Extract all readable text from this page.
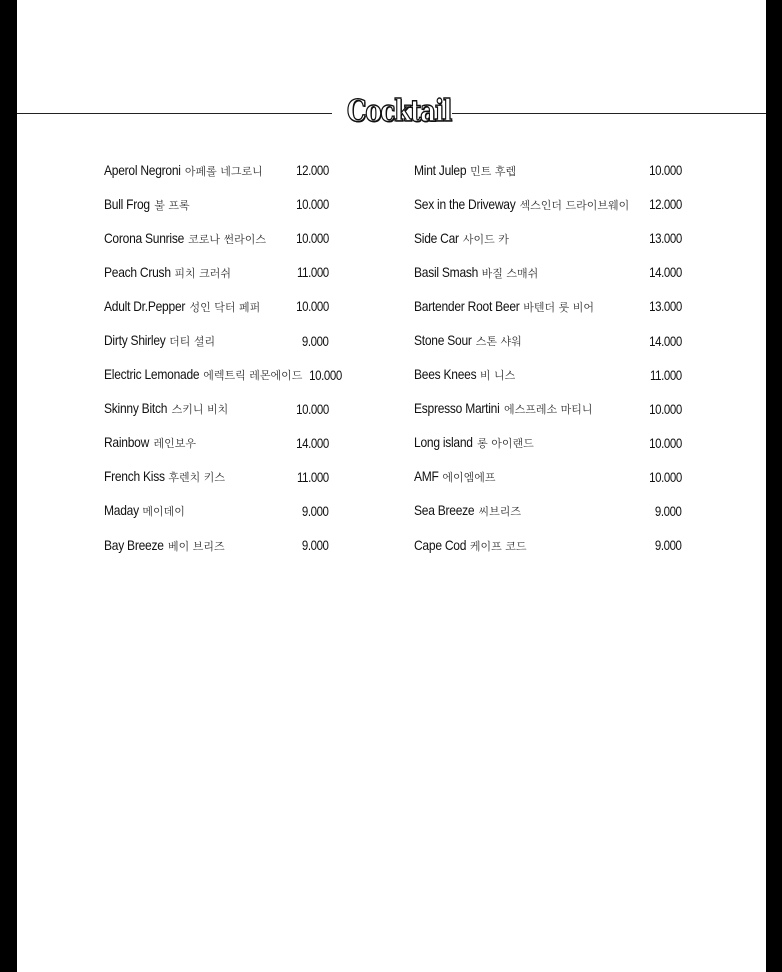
Cocktail
Aperol Negroni 아페롤 네그로니 12.000
Bull Frog 불 프록	10.000
Corona Sunrise 코로나 썬라이스 10.000
Peach Crush 피치 크러쉬	11.000
Adult Dr.Pepper 성인 닥터 페퍼	10.000
Dirty Shirley 더티 셜리	9.000
Electric Lemonade 에렉트릭 레몬에이드 10.000
Skinny Bitch 스키니 비치	10.000
Rainbow 레인보우	14.000
French Kiss 후렌치 키스	11.000
Maday 메이데이	9.000
Bay Breeze 베이 브리즈	9.000
Mint Julep 민트 후렙	10.000
Sex in the Driveway 섹스인더 드라이브웨이 12.000
Side Car 사이드 카	13.000
Basil Smash 바질 스매쉬	14.000
Bartender Root Beer 바텐더 룻 비어	13.000
Stone Sour 스톤 샤워	14.000
Bees Knees 비 니스	11.000
Espresso Martini 에스프레소 마티니	10.000
Long island 롱 아이랜드	10.000
AMF 에이엠에프	10.000
Sea Breeze 씨브리즈	9.000
Cape Cod 케이프 코드	9.000
